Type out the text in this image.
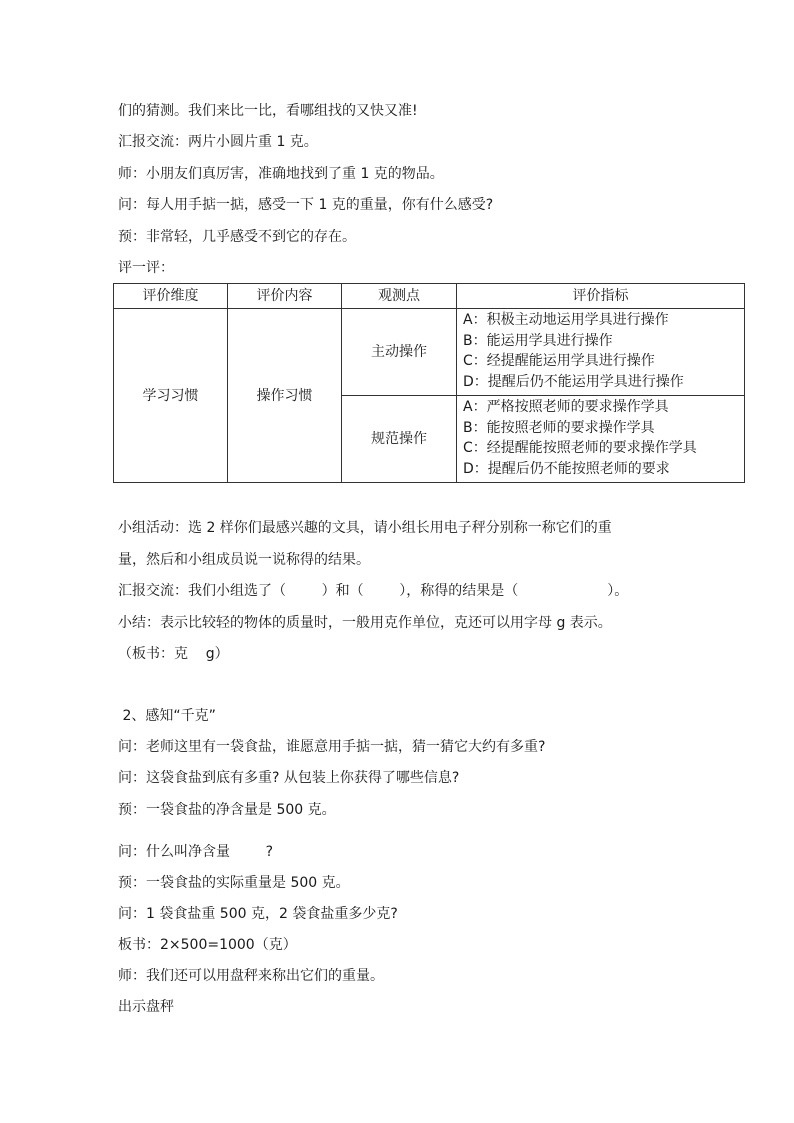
们的猜测。我们来比一比，看哪组找的又快又准!
汇报交流：两片小圆片重 1 克。
师：小朋友们真厉害，准确地找到了重 1 克的物品。
问：每人用手掂一掂，感受一下 1 克的重量，你有什么感受?
预：非常轻，几乎感受不到它的存在。
评一评：
评价维度	评价内容	观测点	评价指标
学习习惯	操作习惯	主动操作	A：积极主动地运用学具进行操作
B：能运用学具进行操作
C：经提醒能运用学具进行操作
D：提醒后仍不能运用学具进行操作

		规范操作	A：严格按照老师的要求操作学具
B：能按照老师的要求操作学具
C：经提醒能按照老师的要求操作学具
D：提醒后仍不能按照老师的要求
小组活动：选 2 样你们最感兴趣的文具，请小组长用电子秤分别称一称它们的重
量，然后和小组成员说一说称得的结果。
汇报交流：我们小组选了（        ）和（        ），称得的结果是（                    ）。
小结：表示比较轻的物体的质量时，一般用克作单位，克还可以用字母 g 表示。
（板书：克    g）
2、感知“千克”
问：老师这里有一袋食盐，谁愿意用手掂一掂，猜一猜它大约有多重?
问：这袋食盐到底有多重? 从包装上你获得了哪些信息?
预：一袋食盐的净含量是 500 克。
问：什么叫净含量        ?
预：一袋食盐的实际重量是 500 克。
问：1 袋食盐重 500 克，2 袋食盐重多少克?
板书：2×500=1000（克）
师：我们还可以用盘秤来称出它们的重量。
出示盘秤
